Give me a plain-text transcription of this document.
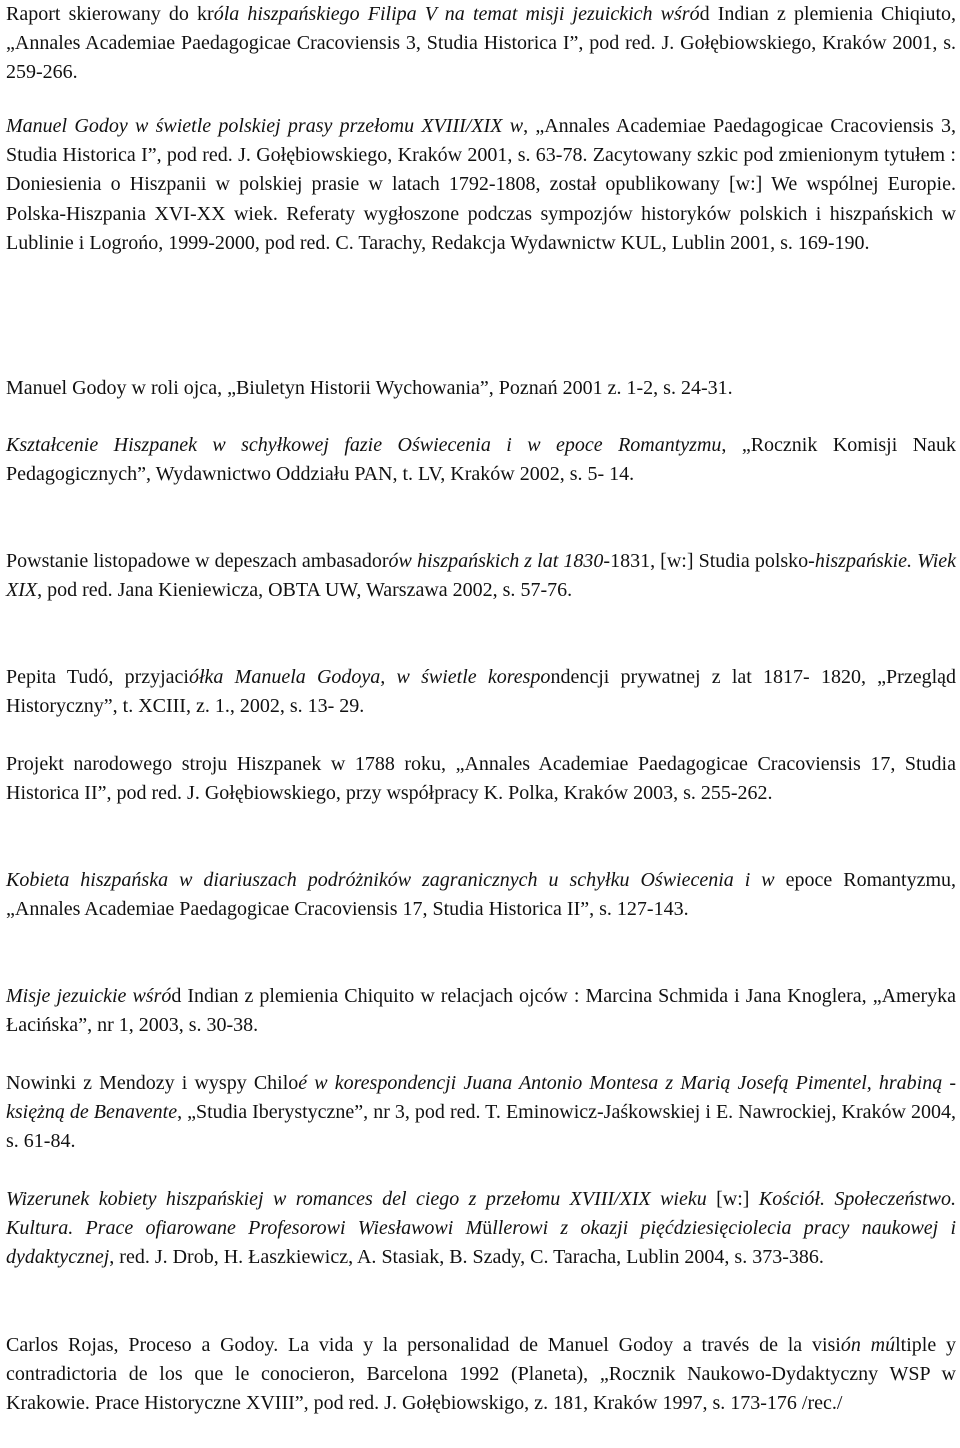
Raport skierowany do króla hiszpańskiego Filipa V na temat misji jezuickich wśród Indian z plemienia Chiqiuto, „Annales Academiae Paedagogicae Cracoviensis 3, Studia Historica I”, pod red. J. Gołębiowskiego, Kraków 2001, s. 259-266.

Manuel Godoy w świetle polskiej prasy przełomu XVIII/XIX w, „Annales Academiae Paedagogicae Cracoviensis 3, Studia Historica I”, pod red. J. Gołębiowskiego, Kraków 2001, s. 63-78. Zacytowany szkic pod zmienionym tytułem : Doniesienia o Hiszpanii w polskiej prasie w latach 1792-1808, został opublikowany [w:] We wspólnej Europie. Polska-Hiszpania XVI-XX wiek. Referaty wygłoszone podczas sympozjów historyków polskich i hiszpańskich w Lublinie i Logrońo, 1999-2000, pod red. C. Tarachy, Redakcja Wydawnictw KUL, Lublin 2001, s. 169-190.

Manuel Godoy w roli ojca, „Biuletyn Historii Wychowania”, Poznań 2001 z. 1-2, s. 24-31.

Kształcenie Hiszpanek w schyłkowej fazie Oświecenia i w epoce Romantyzmu, „Rocznik Komisji Nauk Pedagogicznych”, Wydawnictwo Oddziału PAN, t. LV, Kraków 2002, s. 5- 14.

Powstanie listopadowe w depeszach ambasadorów hiszpańskich z lat 1830-1831, [w:] Studia polsko-hiszpańskie. Wiek XIX, pod red. Jana Kieniewicza, OBTA UW, Warszawa 2002, s. 57-76.

Pepita Tudó, przyjaciółka Manuela Godoya, w świetle korespondencji prywatnej z lat 1817- 1820, „Przegląd Historyczny”, t. XCIII, z. 1., 2002, s. 13- 29.

Projekt narodowego stroju Hiszpanek w 1788 roku, „Annales Academiae Paedagogicae Cracoviensis 17, Studia Historica II”, pod red. J. Gołębiowskiego, przy współpracy K. Polka, Kraków 2003, s. 255-262.

Kobieta hiszpańska w diariuszach podróżników zagranicznych u schyłku Oświecenia i w epoce Romantyzmu, „Annales Academiae Paedagogicae Cracoviensis 17, Studia Historica II”, s. 127-143.

Misje jezuickie wśród Indian z plemienia Chiquito w relacjach ojców : Marcina Schmida i Jana Knoglera, „Ameryka Łacińska”, nr 1, 2003, s. 30-38.

Nowinki z Mendozy i wyspy Chiloé w korespondencji Juana Antonio Montesa z Marią Josefą Pimentel, hrabiną - księżną de Benavente, „Studia Iberystyczne”, nr 3, pod red. T. Eminowicz-Jaśkowskiej i E. Nawrockiej, Kraków 2004, s. 61-84.

Wizerunek kobiety hiszpańskiej w romances del ciego z przełomu XVIII/XIX wieku [w:] Kościół. Społeczeństwo. Kultura. Prace ofiarowane Profesorowi Wiesławowi Müllerowi z okazji pięćdziesięciolecia pracy naukowej i dydaktycznej, red. J. Drob, H. Łaszkiewicz, A. Stasiak, B. Szady, C. Taracha, Lublin 2004, s. 373-386.

Carlos Rojas, Proceso a Godoy. La vida y la personalidad de Manuel Godoy a través de la visión múltiple y contradictoria de los que le conocieron, Barcelona 1992 (Planeta), „Rocznik Naukowo-Dydaktyczny WSP w Krakowie. Prace Historyczne XVIII”, pod red. J. Gołębiowskigo, z. 181, Kraków 1997, s. 173-176 /rec./
